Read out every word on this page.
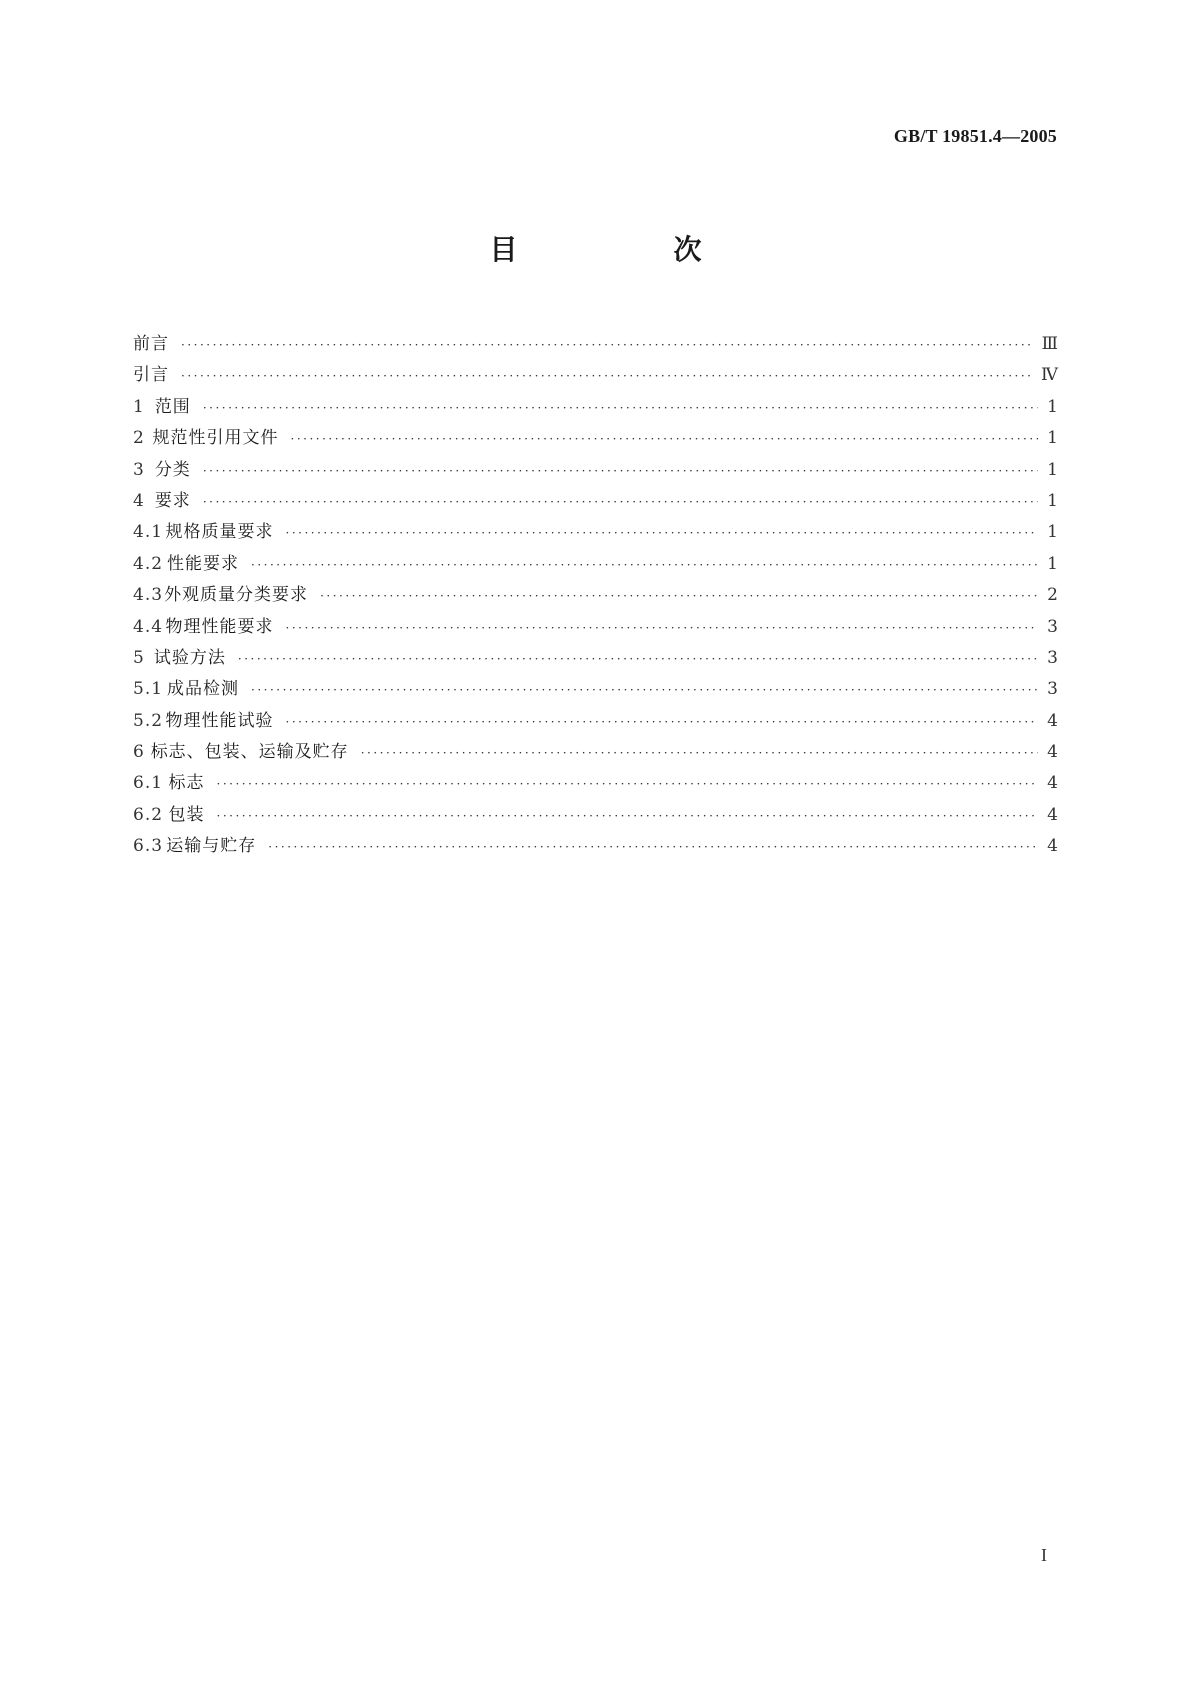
GB/T 19851.4—2005
目　次
前言 ·····	Ⅲ
引言 ·····	Ⅳ
1 范围 ·····	1
2 规范性引用文件 ·····	1
3 分类 ·····	1
4 要求 ·····	1
4.1 规格质量要求 ·····	1
4.2 性能要求 ·····	1
4.3 外观质量分类要求 ·····	2
4.4 物理性能要求 ·····	3
5 试验方法 ·····	3
5.1 成品检测 ·····	3
5.2 物理性能试验 ·····	4
6 标志、包装、运输及贮存 ·····	4
6.1 标志 ·····	4
6.2 包装 ·····	4
6.3 运输与贮存 ·····	4
I
